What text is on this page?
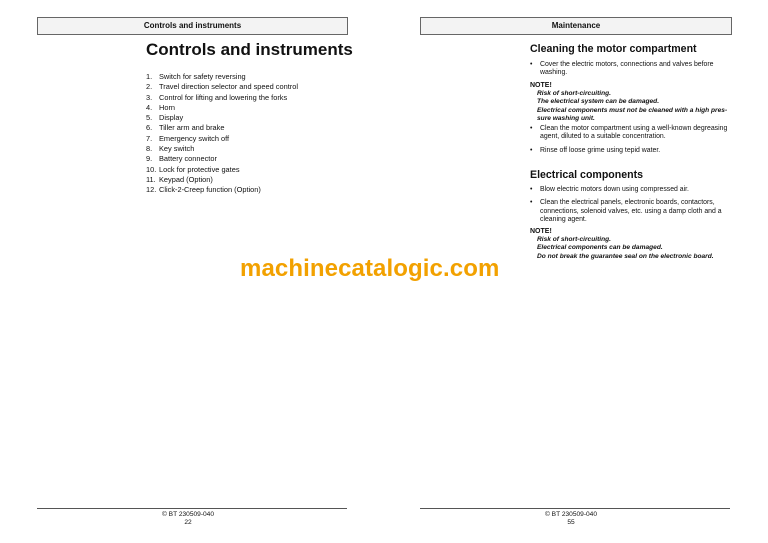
Controls and instruments
Controls and instruments
1. Switch for safety reversing
2. Travel direction selector and speed control
3. Control for lifting and lowering the forks
4. Horn
5. Display
6. Tiller arm and brake
7. Emergency switch off
8. Key switch
9. Battery connector
10. Lock for protective gates
11. Keypad (Option)
12. Click-2-Creep function (Option)
© BT 230509-040
22
Maintenance
Cleaning the motor compartment
• Cover the electric motors, connections and valves before washing.
NOTE!
Risk of short-circuiting.
The electrical system can be damaged.
Electrical components must not be cleaned with a high pres-
sure washing unit.
• Clean the motor compartment using a well-known degreasing agent, diluted to a suitable concentration.
• Rinse off loose grime using tepid water.
Electrical components
• Blow electric motors down using compressed air.
• Clean the electrical panels, electronic boards, contactors, connections, solenoid valves, etc. using a damp cloth and a cleaning agent.
NOTE!
Risk of short-circuiting.
Electrical components can be damaged.
Do not break the guarantee seal on the electronic board.
© BT 230509-040
55
machinecatalogic.com
